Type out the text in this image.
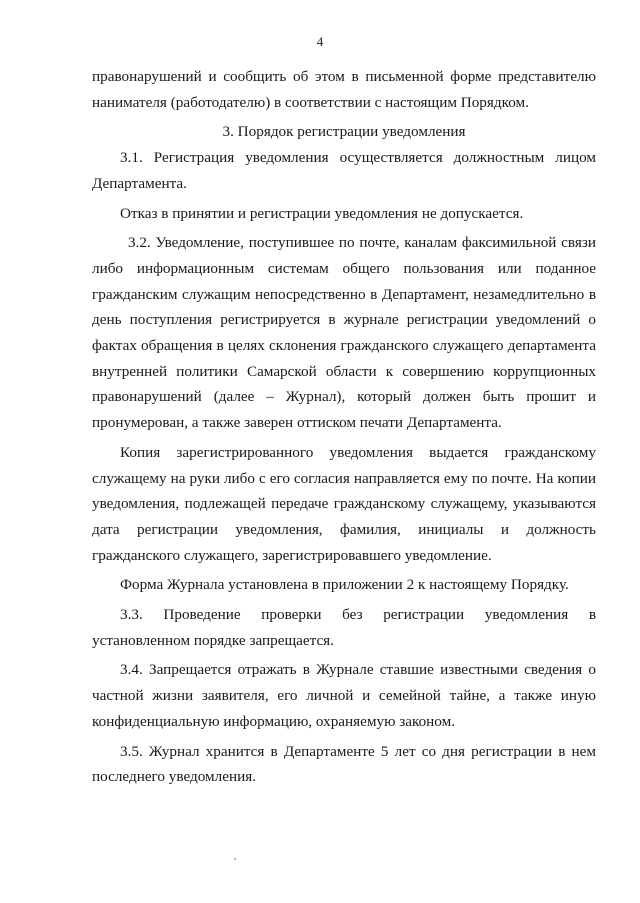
4

правонарушений и сообщить об этом в письменной форме представителю нанимателя (работодателю) в соответствии с настоящим Порядком.

3. Порядок регистрации уведомления

3.1. Регистрация уведомления осуществляется должностным лицом Департамента.

Отказ в принятии и регистрации уведомления не допускается.

3.2. Уведомление, поступившее по почте, каналам факсимильной связи либо информационным системам общего пользования или поданное гражданским служащим непосредственно в Департамент, незамедлительно в день поступления регистрируется в журнале регистрации уведомлений о фактах обращения в целях склонения гражданского служащего департамента внутренней политики Самарской области к совершению коррупционных правонарушений (далее – Журнал), который должен быть прошит и пронумерован, а также заверен оттиском печати Департамента.

Копия зарегистрированного уведомления выдается гражданскому служащему на руки либо с его согласия направляется ему по почте. На копии уведомления, подлежащей передаче гражданскому служащему, указываются дата регистрации уведомления, фамилия, инициалы и должность гражданского служащего, зарегистрировавшего уведомление.

Форма Журнала установлена в приложении 2 к настоящему Порядку.

3.3. Проведение проверки без регистрации уведомления в установленном порядке запрещается.

3.4. Запрещается отражать в Журнале ставшие известными сведения о частной жизни заявителя, его личной и семейной тайне, а также иную конфиденциальную информацию, охраняемую законом.

3.5. Журнал хранится в Департаменте 5 лет со дня регистрации в нем последнего уведомления.
